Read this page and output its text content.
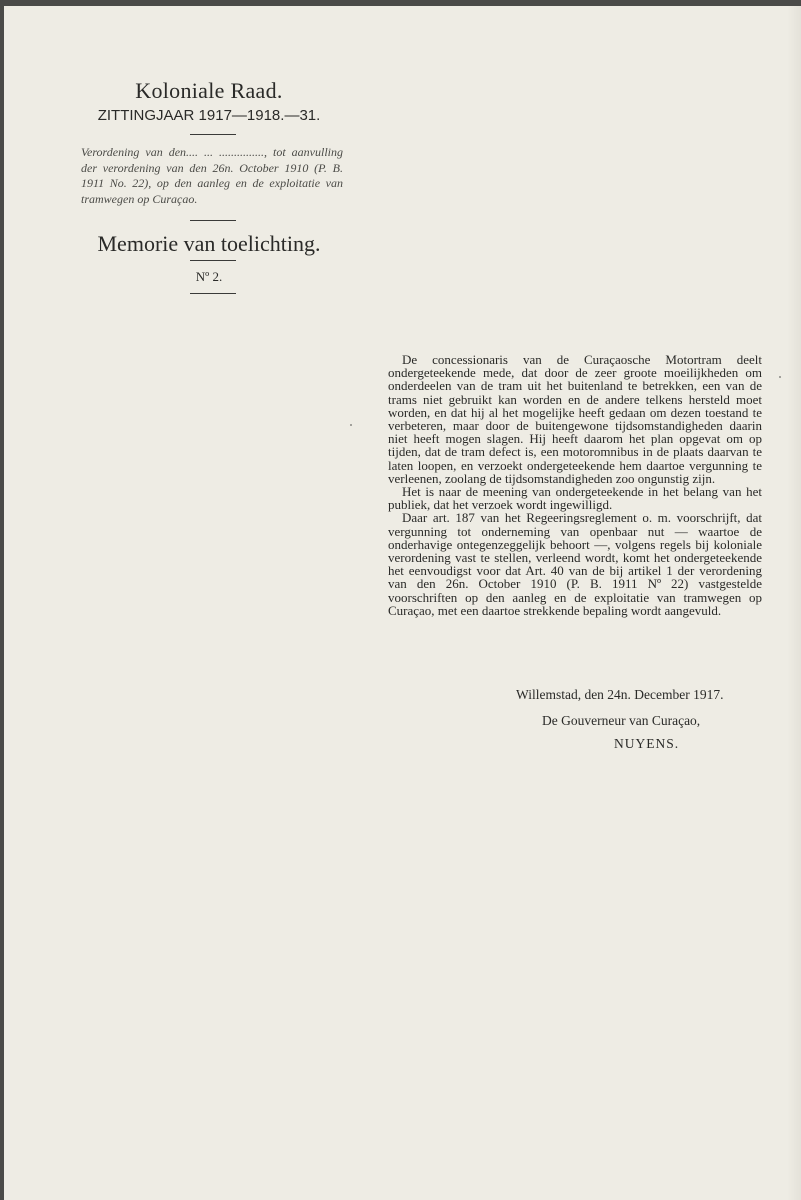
Koloniale Raad.
ZITTINGJAAR 1917—1918.—31.
Verordening van den.... ... ..............., tot aanvulling der verordening van den 26n. October 1910 (P. B. 1911 No. 22), op den aanleg en de exploitatie van tramwegen op Curaçao.
Memorie van toelichting.
Nº 2.

De concessionaris van de Curaçaosche Motortram deelt ondergeteekende mede, dat door de zeer groote moeilijkheden om onderdeelen van de tram uit het buitenland te betrekken, een van de trams niet gebruikt kan worden en de andere telkens hersteld moet worden, en dat hij al het mogelijke heeft gedaan om dezen toestand te verbeteren, maar door de buitengewone tijdsomstandigheden daarin niet heeft mogen slagen. Hij heeft daarom het plan opgevat om op tijden, dat de tram defect is, een motoromnibus in de plaats daarvan te laten loopen, en verzoekt ondergeteekende hem daartoe vergunning te verleenen, zoolang de tijdsomstandigheden zoo ongunstig zijn.

Het is naar de meening van ondergeteekende in het belang van het publiek, dat het verzoek wordt ingewilligd.

Daar art. 187 van het Regeeringsreglement o. m. voorschrijft, dat vergunning tot onderneming van openbaar nut — waartoe de onderhavige ontegenzeggelijk behoort —, volgens regels bij koloniale verordening vast te stellen, verleend wordt, komt het ondergeteekende het eenvoudigst voor dat Art. 40 van de bij artikel 1 der verordening van den 26n. October 1910 (P. B. 1911 Nº 22) vastgestelde voorschriften op den aanleg en de exploitatie van tramwegen op Curaçao, met een daartoe strekkende bepaling wordt aangevuld.

Willemstad, den 24n. December 1917.
De Gouverneur van Curaçao,
NUYENS.
